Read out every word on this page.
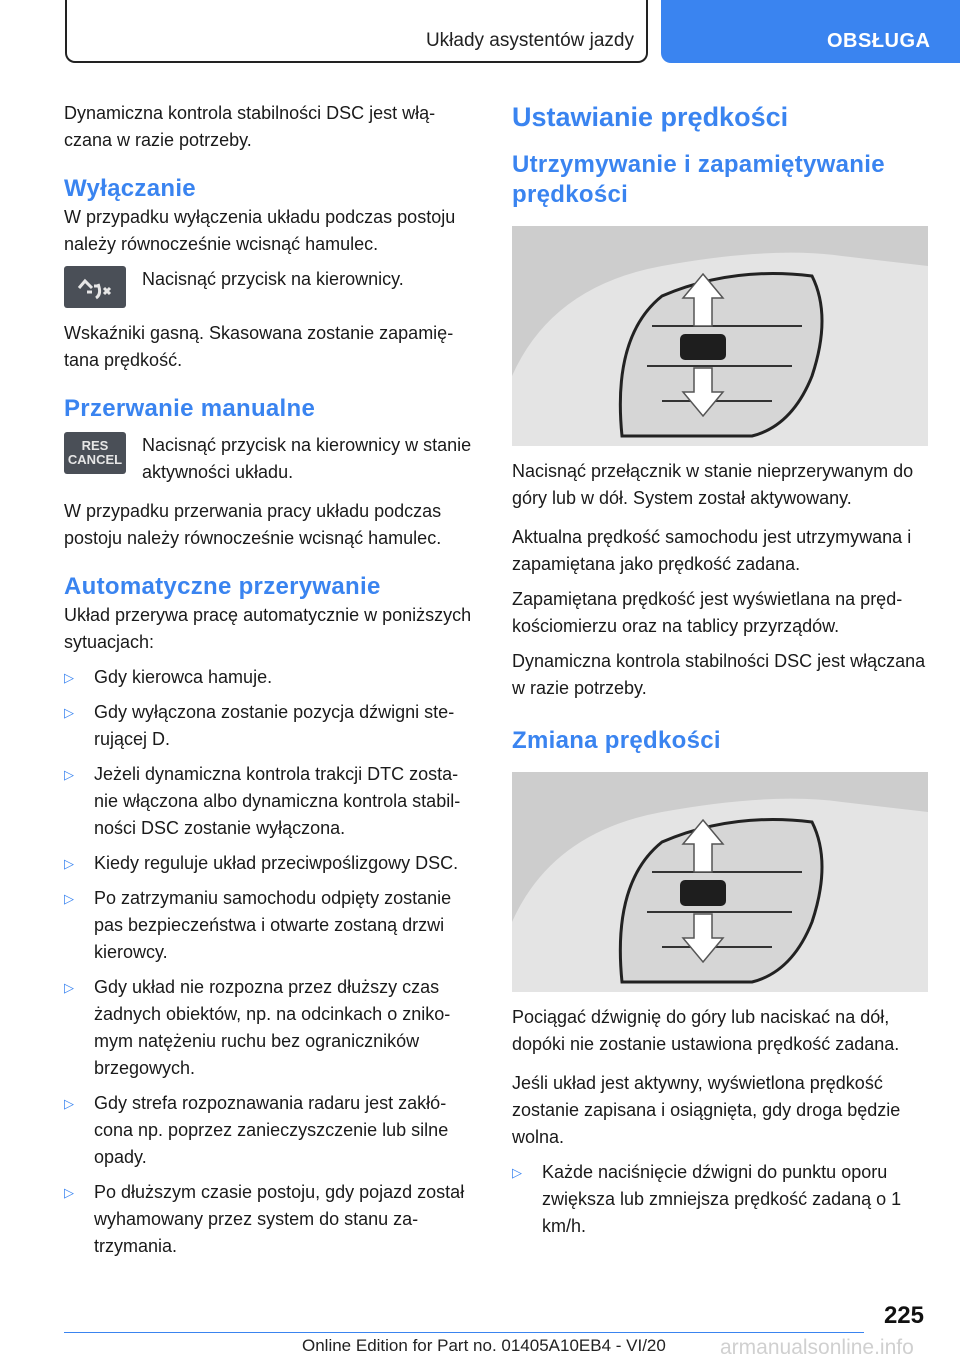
Układy asystentów jazdy	OBSŁUGA

Dynamiczna kontrola stabilności DSC jest włączana w razie potrzeby.

Wyłączanie

W przypadku wyłączenia układu podczas postoju należy równocześnie wcisnąć hamulec.

Nacisnąć przycisk na kierownicy.

Wskaźniki gasną. Skasowana zostanie zapamiętana prędkość.

Przerwanie manualne
RES
CANCEL

Nacisnąć przycisk na kierownicy w stanie aktywności układu.

W przypadku przerwania pracy układu podczas postoju należy równocześnie wcisnąć hamulec.

Automatyczne przerywanie

Układ przerywa pracę automatycznie w poniższych sytuacjach:

▷ Gdy kierowca hamuje.
▷ Gdy wyłączona zostanie pozycja dźwigni sterującej D.
▷ Jeżeli dynamiczna kontrola trakcji DTC zostanie włączona albo dynamiczna kontrola stabilności DSC zostanie wyłączona.
▷ Kiedy reguluje układ przeciwpoślizgowy DSC.
▷ Po zatrzymaniu samochodu odpięty zostanie pas bezpieczeństwa i otwarte zostaną drzwi kierowcy.
▷ Gdy układ nie rozpozna przez dłuższy czas żadnych obiektów, np. na odcinkach o znikomym natężeniu ruchu bez ograniczników brzegowych.
▷ Gdy strefa rozpoznawania radaru jest zakłócona np. poprzez zanieczyszczenie lub silne opady.
▷ Po dłuższym czasie postoju, gdy pojazd został wyhamowany przez system do stanu zatrzymania.
Ustawianie prędkości
Utrzymywanie i zapamiętywanie prędkości

Nacisnąć przełącznik w stanie nieprzerywanym do góry lub w dół. System został aktywowany.

Aktualna prędkość samochodu jest utrzymywana i zapamiętana jako prędkość zadana.

Zapamiętana prędkość jest wyświetlana na prędkościomierzu oraz na tablicy przyrządów.

Dynamiczna kontrola stabilności DSC jest włączana w razie potrzeby.

Zmiana prędkości

Pociągać dźwignię do góry lub naciskać na dół, dopóki nie zostanie ustawiona prędkość zadana.

Jeśli układ jest aktywny, wyświetlona prędkość zostanie zapisana i osiągnięta, gdy droga będzie wolna.

▷ Każde naciśnięcie dźwigni do punktu oporu zwiększa lub zmniejsza prędkość zadaną o 1 km/h.
225
Online Edition for Part no. 01405A10EB4 - VI/20	armanualsonline.info
